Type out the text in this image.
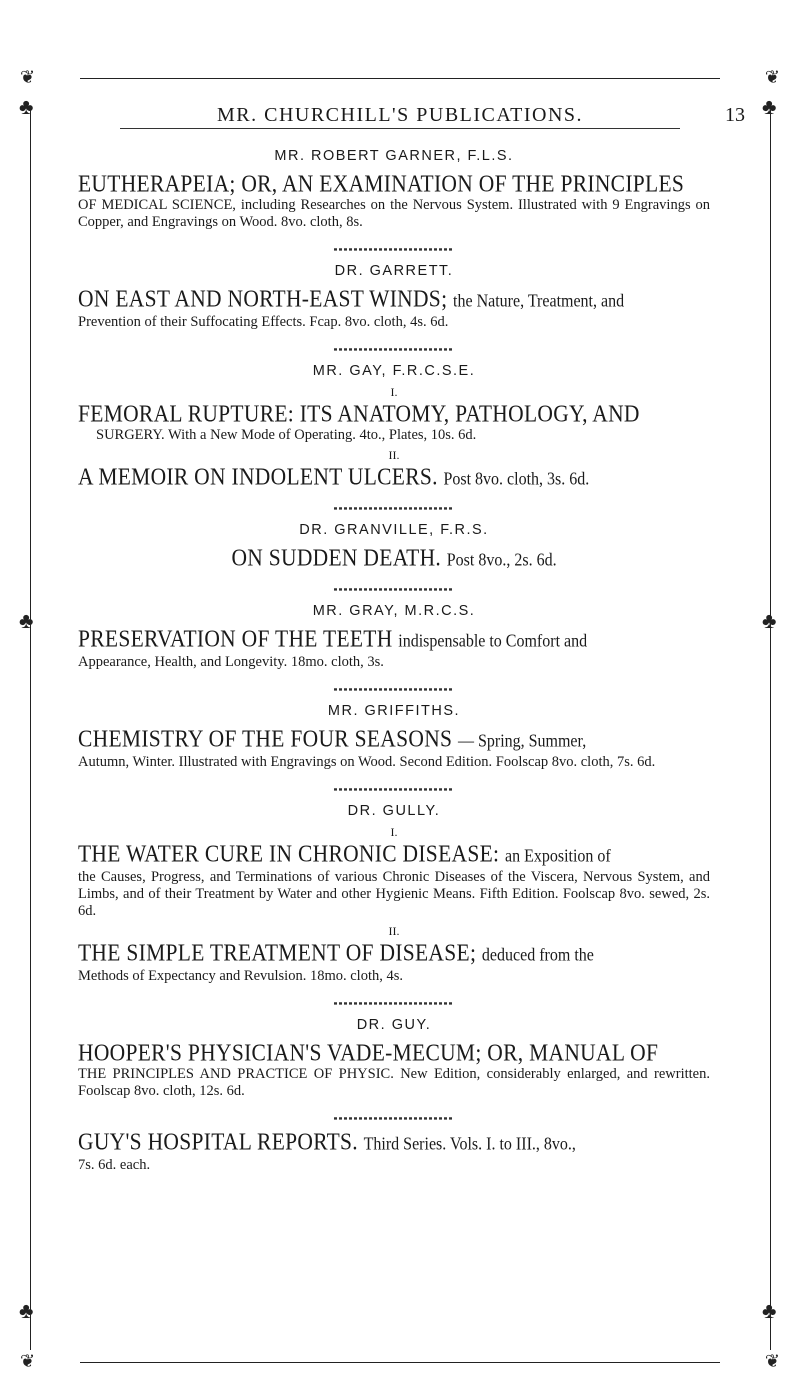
❦	❦
♣	♣
♣	♣
♣	♣
❦	❦
MR. CHURCHILL'S PUBLICATIONS.	13
MR. ROBERT GARNER, F.L.S.
EUTHERAPEIA; OR, AN EXAMINATION OF THE PRINCIPLES
OF MEDICAL SCIENCE, including Researches on the Nervous System. Illustrated with 9 Engravings on Copper, and Engravings on Wood. 8vo. cloth, 8s.
DR. GARRETT.
ON EAST AND NORTH-EAST WINDS; the Nature, Treatment, and
Prevention of their Suffocating Effects. Fcap. 8vo. cloth, 4s. 6d.
MR. GAY, F.R.C.S.E.
I.
FEMORAL RUPTURE: ITS ANATOMY, PATHOLOGY, AND
SURGERY. With a New Mode of Operating. 4to., Plates, 10s. 6d.
II.
A MEMOIR ON INDOLENT ULCERS. Post 8vo. cloth, 3s. 6d.
DR. GRANVILLE, F.R.S.
ON SUDDEN DEATH. Post 8vo., 2s. 6d.
MR. GRAY, M.R.C.S.
PRESERVATION OF THE TEETH indispensable to Comfort and
Appearance, Health, and Longevity. 18mo. cloth, 3s.
MR. GRIFFITHS.
CHEMISTRY OF THE FOUR SEASONS — Spring, Summer,
Autumn, Winter. Illustrated with Engravings on Wood. Second Edition. Foolscap 8vo. cloth, 7s. 6d.
DR. GULLY.
I.
THE WATER CURE IN CHRONIC DISEASE: an Exposition of
the Causes, Progress, and Terminations of various Chronic Diseases of the Viscera, Nervous System, and Limbs, and of their Treatment by Water and other Hygienic Means. Fifth Edition. Foolscap 8vo. sewed, 2s. 6d.
II.
THE SIMPLE TREATMENT OF DISEASE; deduced from the
Methods of Expectancy and Revulsion. 18mo. cloth, 4s.
DR. GUY.
HOOPER'S PHYSICIAN'S VADE-MECUM; OR, MANUAL OF
THE PRINCIPLES AND PRACTICE OF PHYSIC. New Edition, considerably enlarged, and rewritten. Foolscap 8vo. cloth, 12s. 6d.
GUY'S HOSPITAL REPORTS. Third Series. Vols. I. to III., 8vo.,
7s. 6d. each.
